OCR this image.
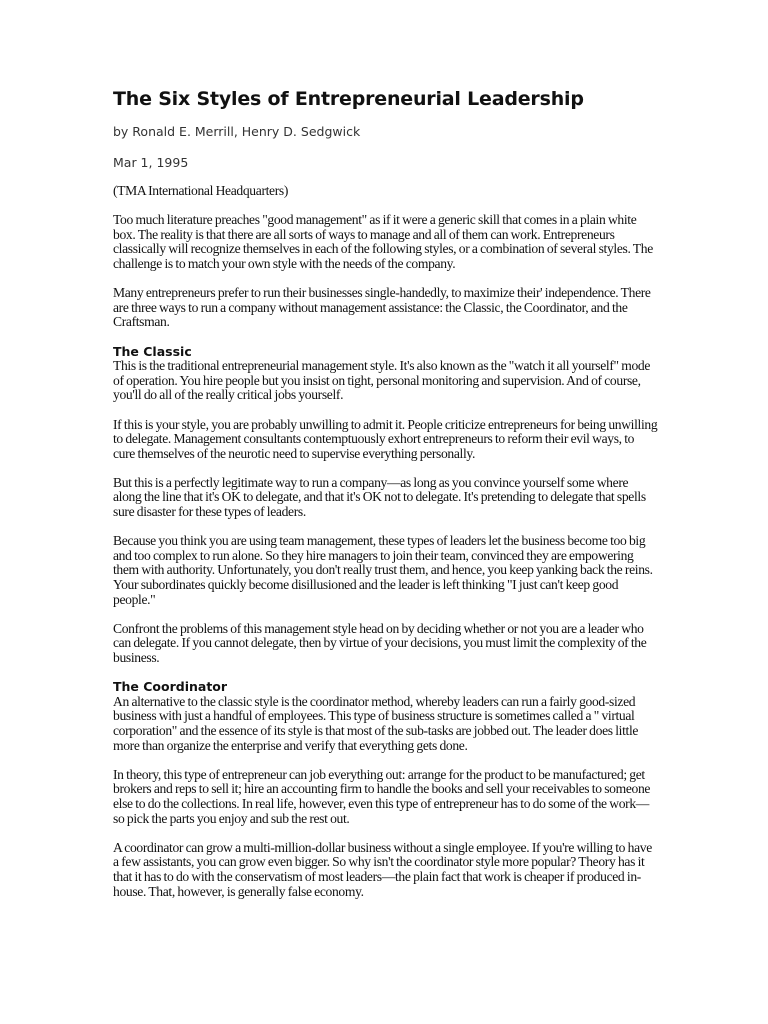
The Six Styles of Entrepreneurial Leadership

by Ronald E. Merrill, Henry D. Sedgwick

Mar 1, 1995

(TMA International Headquarters)

Too much literature preaches "good management" as if it were a generic skill that comes in a plain white box. The reality is that there are all sorts of ways to manage and all of them can work. Entrepreneurs classically will recognize themselves in each of the following styles, or a combination of several styles. The challenge is to match your own style with the needs of the company.

Many entrepreneurs prefer to run their businesses single-handedly, to maximize their' independence. There are three ways to run a company without management assistance: the Classic, the Coordinator, and the Craftsman.

The Classic

This is the traditional entrepreneurial management style. It's also known as the "watch it all yourself" mode of operation. You hire people but you insist on tight, personal monitoring and supervision. And of course, you'll do all of the really critical jobs yourself.

If this is your style, you are probably unwilling to admit it. People criticize entrepreneurs for being unwilling to delegate. Management consultants contemptuously exhort entrepreneurs to reform their evil ways, to cure themselves of the neurotic need to supervise everything personally.

But this is a perfectly legitimate way to run a company—as long as you convince yourself some where along the line that it's OK to delegate, and that it's OK not to delegate. It's pretending to delegate that spells sure disaster for these types of leaders.

Because you think you are using team management, these types of leaders let the business become too big and too complex to run alone. So they hire managers to join their team, convinced they are empowering them with authority. Unfortunately, you don't really trust them, and hence, you keep yanking back the reins. Your subordinates quickly become disillusioned and the leader is left thinking "I just can't keep good people."

Confront the problems of this management style head on by deciding whether or not you are a leader who can delegate. If you cannot delegate, then by virtue of your decisions, you must limit the complexity of the business.

The Coordinator

An alternative to the classic style is the coordinator method, whereby leaders can run a fairly good-sized business with just a handful of employees. This type of business structure is sometimes called a " virtual corporation" and the essence of its style is that most of the sub-tasks are jobbed out. The leader does little more than organize the enterprise and verify that everything gets done.

In theory, this type of entrepreneur can job everything out: arrange for the product to be manufactured; get brokers and reps to sell it; hire an accounting firm to handle the books and sell your receivables to someone else to do the collections. In real life, however, even this type of entrepreneur has to do some of the work—so pick the parts you enjoy and sub the rest out.

A coordinator can grow a multi-million-dollar business without a single employee. If you're willing to have a few assistants, you can grow even bigger. So why isn't the coordinator style more popular? Theory has it that it has to do with the conservatism of most leaders—the plain fact that work is cheaper if produced in-house. That, however, is generally false economy.
